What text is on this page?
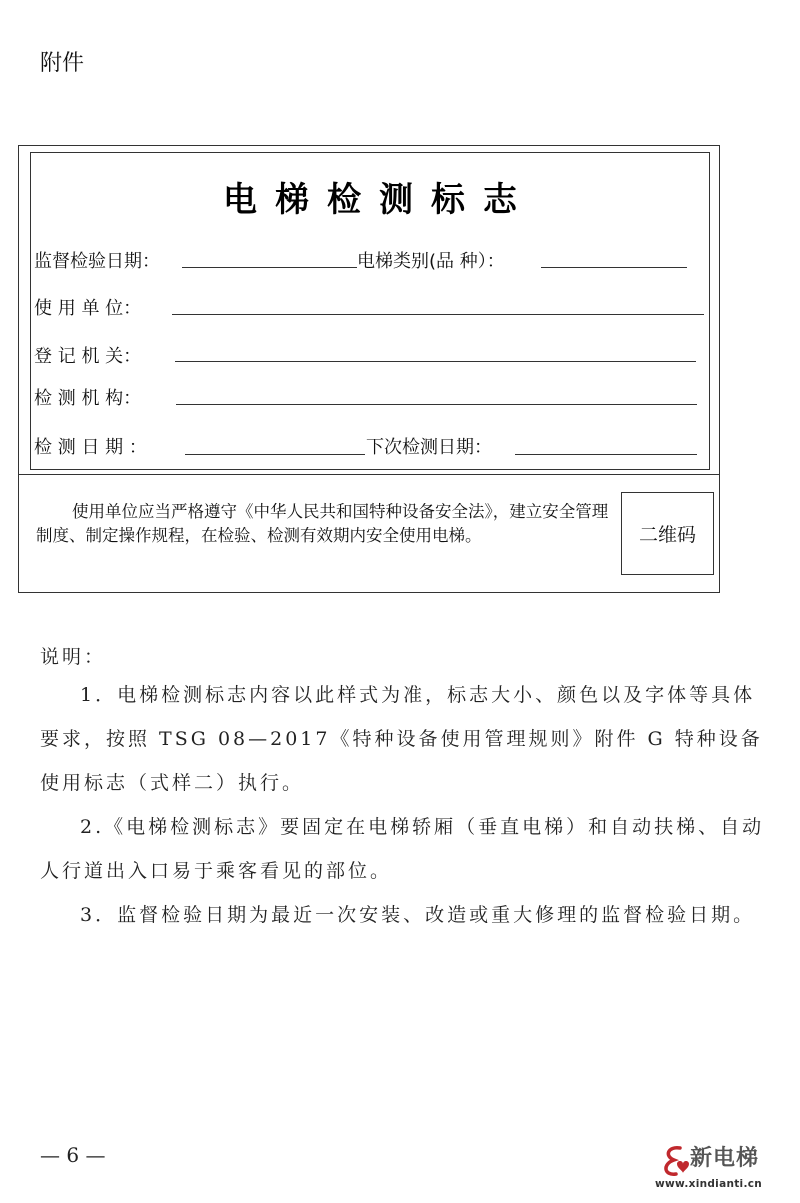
附件
电梯检测标志
监督检验日期：	电梯类别(品 种）：
使 用 单 位：
登 记 机 关：
检 测 机 构：
检 测 日 期 ：	下次检测日期：
使用单位应当严格遵守《中华人民共和国特种设备安全法》，建立安全管理制度、制定操作规程，在检验、检测有效期内安全使用电梯。	二维码
说明：
1．电梯检测标志内容以此样式为准，标志大小、颜色以及字体等具体要求，按照 TSG 08—2017《特种设备使用管理规则》附件 G 特种设备使用标志（式样二）执行。
2.《电梯检测标志》要固定在电梯轿厢（垂直电梯）和自动扶梯、自动人行道出入口易于乘客看见的部位。
3．监督检验日期为最近一次安装、改造或重大修理的监督检验日期。
— 6 —	新电梯
www.xindianti.cn
